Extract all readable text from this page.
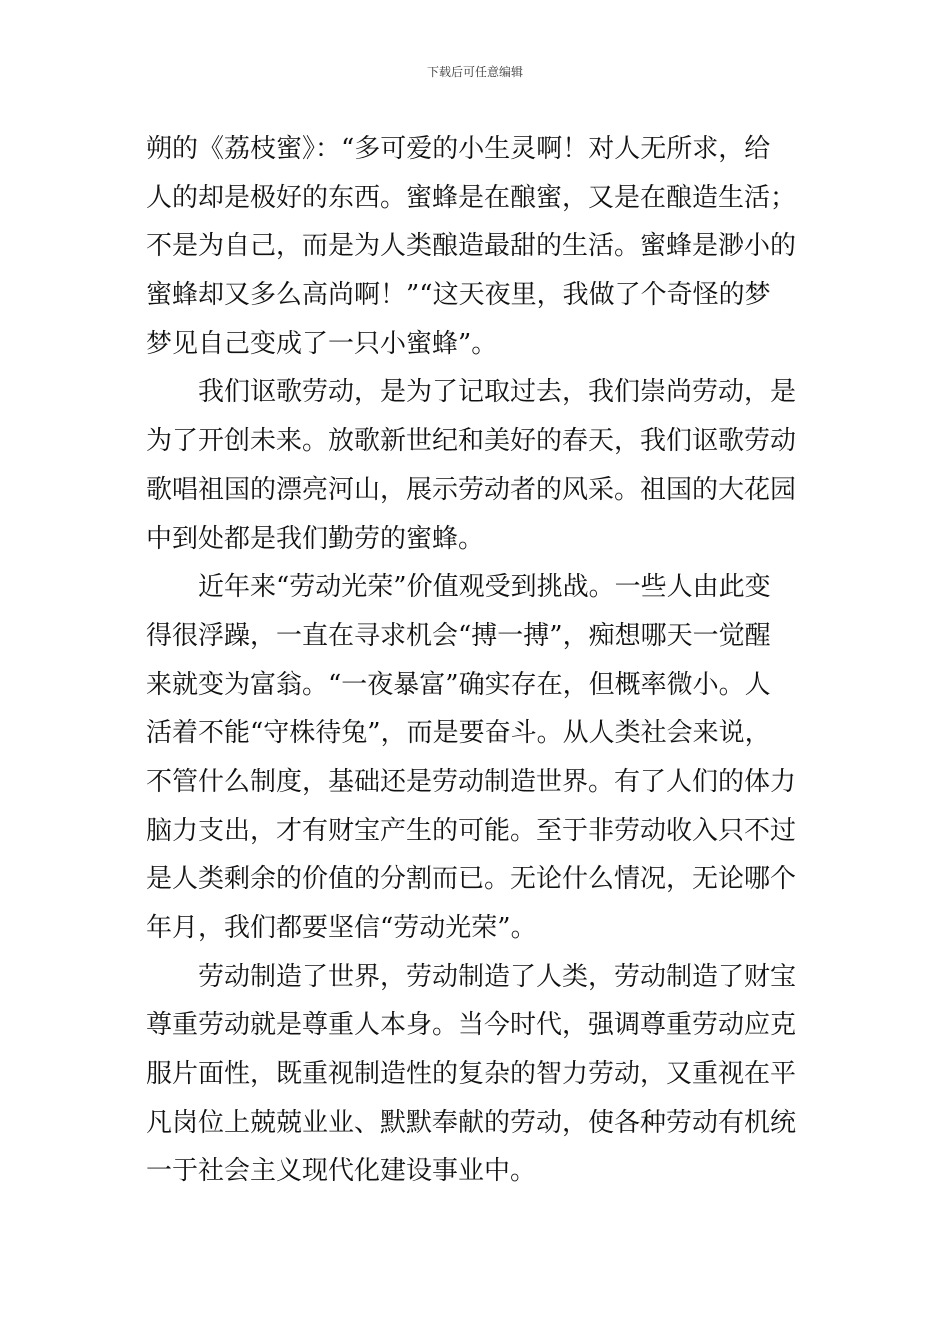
下载后可任意编辑
朔的《荔枝蜜》：“多可爱的小生灵啊！对人无所求，给
人的却是极好的东西。蜜蜂是在酿蜜，又是在酿造生活；
不是为自己，而是为人类酿造最甜的生活。蜜蜂是渺小的
蜜蜂却又多么高尚啊！”“这天夜里，我做了个奇怪的梦
梦见自己变成了一只小蜜蜂”。
我们讴歌劳动，是为了记取过去，我们崇尚劳动，是
为了开创未来。放歌新世纪和美好的春天，我们讴歌劳动
歌唱祖国的漂亮河山，展示劳动者的风采。祖国的大花园
中到处都是我们勤劳的蜜蜂。
近年来“劳动光荣”价值观受到挑战。一些人由此变
得很浮躁，一直在寻求机会“搏一搏”，痴想哪天一觉醒
来就变为富翁。“一夜暴富”确实存在，但概率微小。人
活着不能“守株待兔”，而是要奋斗。从人类社会来说，
不管什么制度，基础还是劳动制造世界。有了人们的体力
脑力支出，才有财宝产生的可能。至于非劳动收入只不过
是人类剩余的价值的分割而已。无论什么情况，无论哪个
年月，我们都要坚信“劳动光荣”。
劳动制造了世界，劳动制造了人类，劳动制造了财宝
尊重劳动就是尊重人本身。当今时代，强调尊重劳动应克
服片面性，既重视制造性的复杂的智力劳动，又重视在平
凡岗位上兢兢业业、默默奉献的劳动，使各种劳动有机统
一于社会主义现代化建设事业中。
